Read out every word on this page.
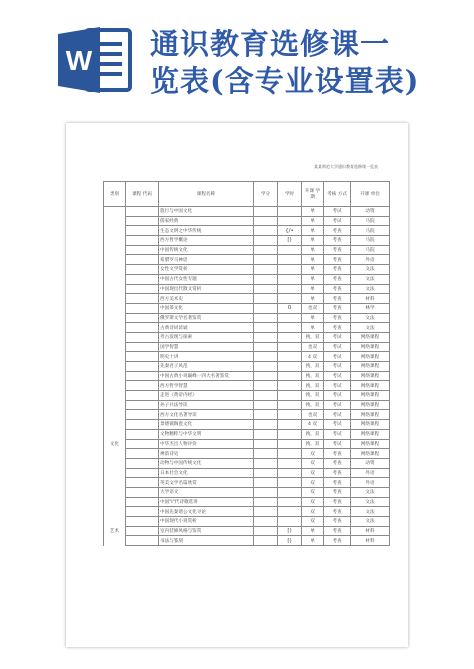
W 通识教育选修课一
览表(含专业设置表)
某某师范大学通识教育选修课一览表
类别	课程 代码	课程名称	学分	学时	开课 学期	考核 方式	开课 单位
		旅行与中国文化			单	考试	动资
		儒家经典			单	考试	马院
		生态文明之中华传统		{/•	单	考查	马院
		西方哲学概论		[)	单	考查	马院
		中国传统文化			单	考查	马院
		希腊罗马神话			单	考查	外语
		女性文学赏析			单	考查	文法
		中国古代女性专题			单	考查	文法
		中国现出代散文赏析			单	考查	文法
		西方美术史			单	考查	材料
		中国茶文化		0	也双	考查	林学
		俄罗斯文学名著鉴赏			单	考查	文法
		古典诗词读诵			单	考查	文法
		考古发现与探索			拽，双	考试	网络课程
		国学智慧			也双	考试	网络课程
		明史十讲			4 双	考试	网络课程
		先秦君子风范			拽，双	考试	网络课程
		中国古典小说巅峰一四大名著鉴赏			拽，双	考试	网络课程
		西方哲学智慧			拽，双	考试	网络课程
		走进《黄帝内经》			拽，双	考试	网络课程
		孙子兵法导读			拽，双	考试	网络课程
		西方文化名著导读			也双	考试	网络课程
		景德镇陶瓷文化			4 双	考试	网络课程
		文物精粹与中华文明			拽，双	考试	网络课程
文化		中华杰出人物评价			拽，双	考试	网络课程
		禅韵诗史			双	考查	网络课程
		动物与中国传统文化			双	考查	动资
		日本社会文化			双	考查	外语
		英美文学名篇欣赏			双	考查	外语
		大学语文			双	考查	文法
		中国"I"代诗歌选讲			双	考查	文法
		中国先秦诸公文化寻论			双	考查	文法
		中国现代小说赏析			双	考查	文法
艺术		室内装修风格与鉴赏		[)	单	考查	材料
		书法与篆刻		[)	单	考查	材料
